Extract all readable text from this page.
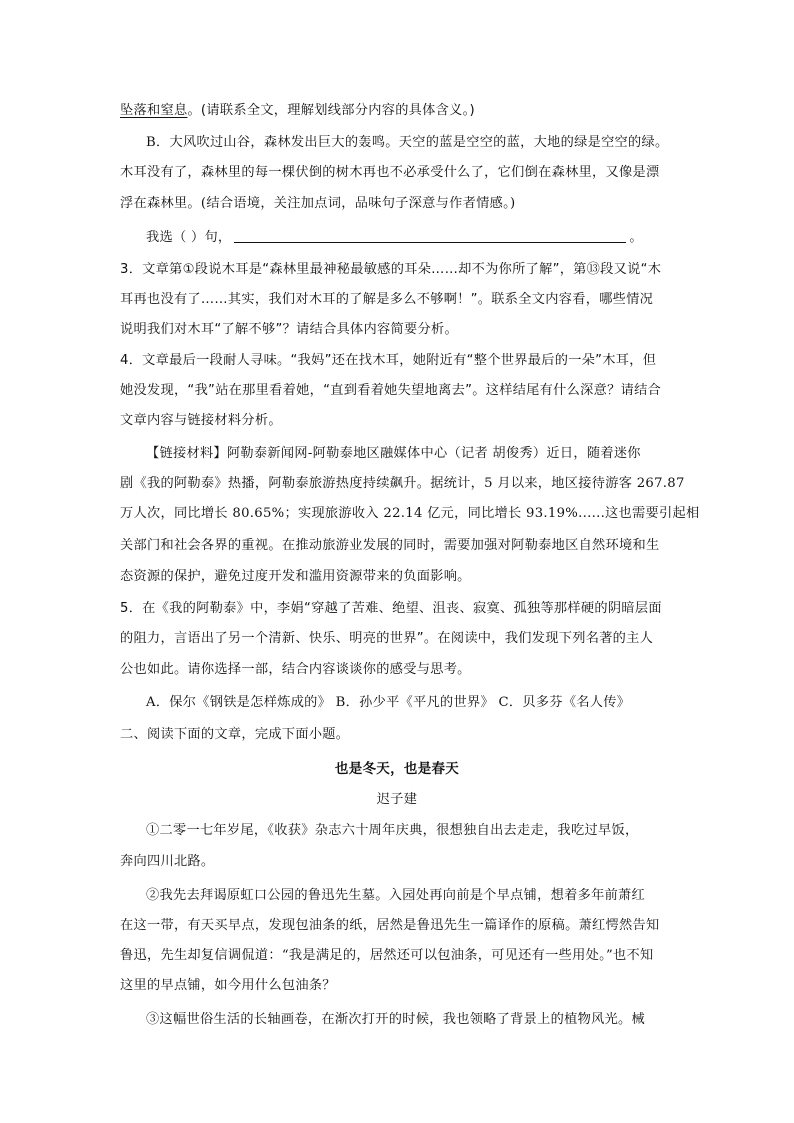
坠落和窒息。(请联系全文，理解划线部分内容的具体含义。)
B．大风吹过山谷，森林发出巨大的轰鸣。天空的蓝是空空的蓝，大地的绿是空空的绿。
木耳没有了，森林里的每一棵伏倒的树木再也不必承受什么了，它们倒在森林里，又像是漂
浮在森林里。(结合语境，关注加点词，品味句子深意与作者情感。)
我选（ ）句，	。
3．文章第①段说木耳是“森林里最神秘最敏感的耳朵……却不为你所了解”，第⑬段又说“木
耳再也没有了……其实，我们对木耳的了解是多么不够啊！”。联系全文内容看，哪些情况
说明我们对木耳“了解不够”？请结合具体内容简要分析。
4．文章最后一段耐人寻味。“我妈”还在找木耳，她附近有“整个世界最后的一朵”木耳，但
她没发现，“我”站在那里看着她，“直到看着她失望地离去”。这样结尾有什么深意？请结合
文章内容与链接材料分析。
【链接材料】阿勒泰新闻网-阿勒泰地区融媒体中心（记者 胡俊秀）近日，随着迷你
剧《我的阿勒泰》热播，阿勒泰旅游热度持续飙升。据统计，5 月以来，地区接待游客 267.87
万人次，同比增长 80.65%；实现旅游收入 22.14 亿元，同比增长 93.19%......这也需要引起相
关部门和社会各界的重视。在推动旅游业发展的同时，需要加强对阿勒泰地区自然环境和生
态资源的保护，避免过度开发和滥用资源带来的负面影响。
5．在《我的阿勒泰》中，李娟“穿越了苦难、绝望、沮丧、寂寞、孤独等那样硬的阴暗层面
的阻力，言语出了另一个清新、快乐、明亮的世界”。在阅读中，我们发现下列名著的主人
公也如此。请你选择一部，结合内容谈谈你的感受与思考。
A．保尔《钢铁是怎样炼成的》 B．孙少平《平凡的世界》 C．贝多芬《名人传》
二、阅读下面的文章，完成下面小题。
也是冬天，也是春天
迟子建
①二零一七年岁尾，《收获》杂志六十周年庆典，很想独自出去走走，我吃过早饭，
奔向四川北路。
②我先去拜谒原虹口公园的鲁迅先生墓。入园处再向前是个早点铺，想着多年前萧红
在这一带，有天买早点，发现包油条的纸，居然是鲁迅先生一篇译作的原稿。萧红愕然告知
鲁迅，先生却复信调侃道：“我是满足的，居然还可以包油条，可见还有一些用处。”也不知
这里的早点铺，如今用什么包油条？
③这幅世俗生活的长轴画卷，在渐次打开的时候，我也领略了背景上的植物风光。械
